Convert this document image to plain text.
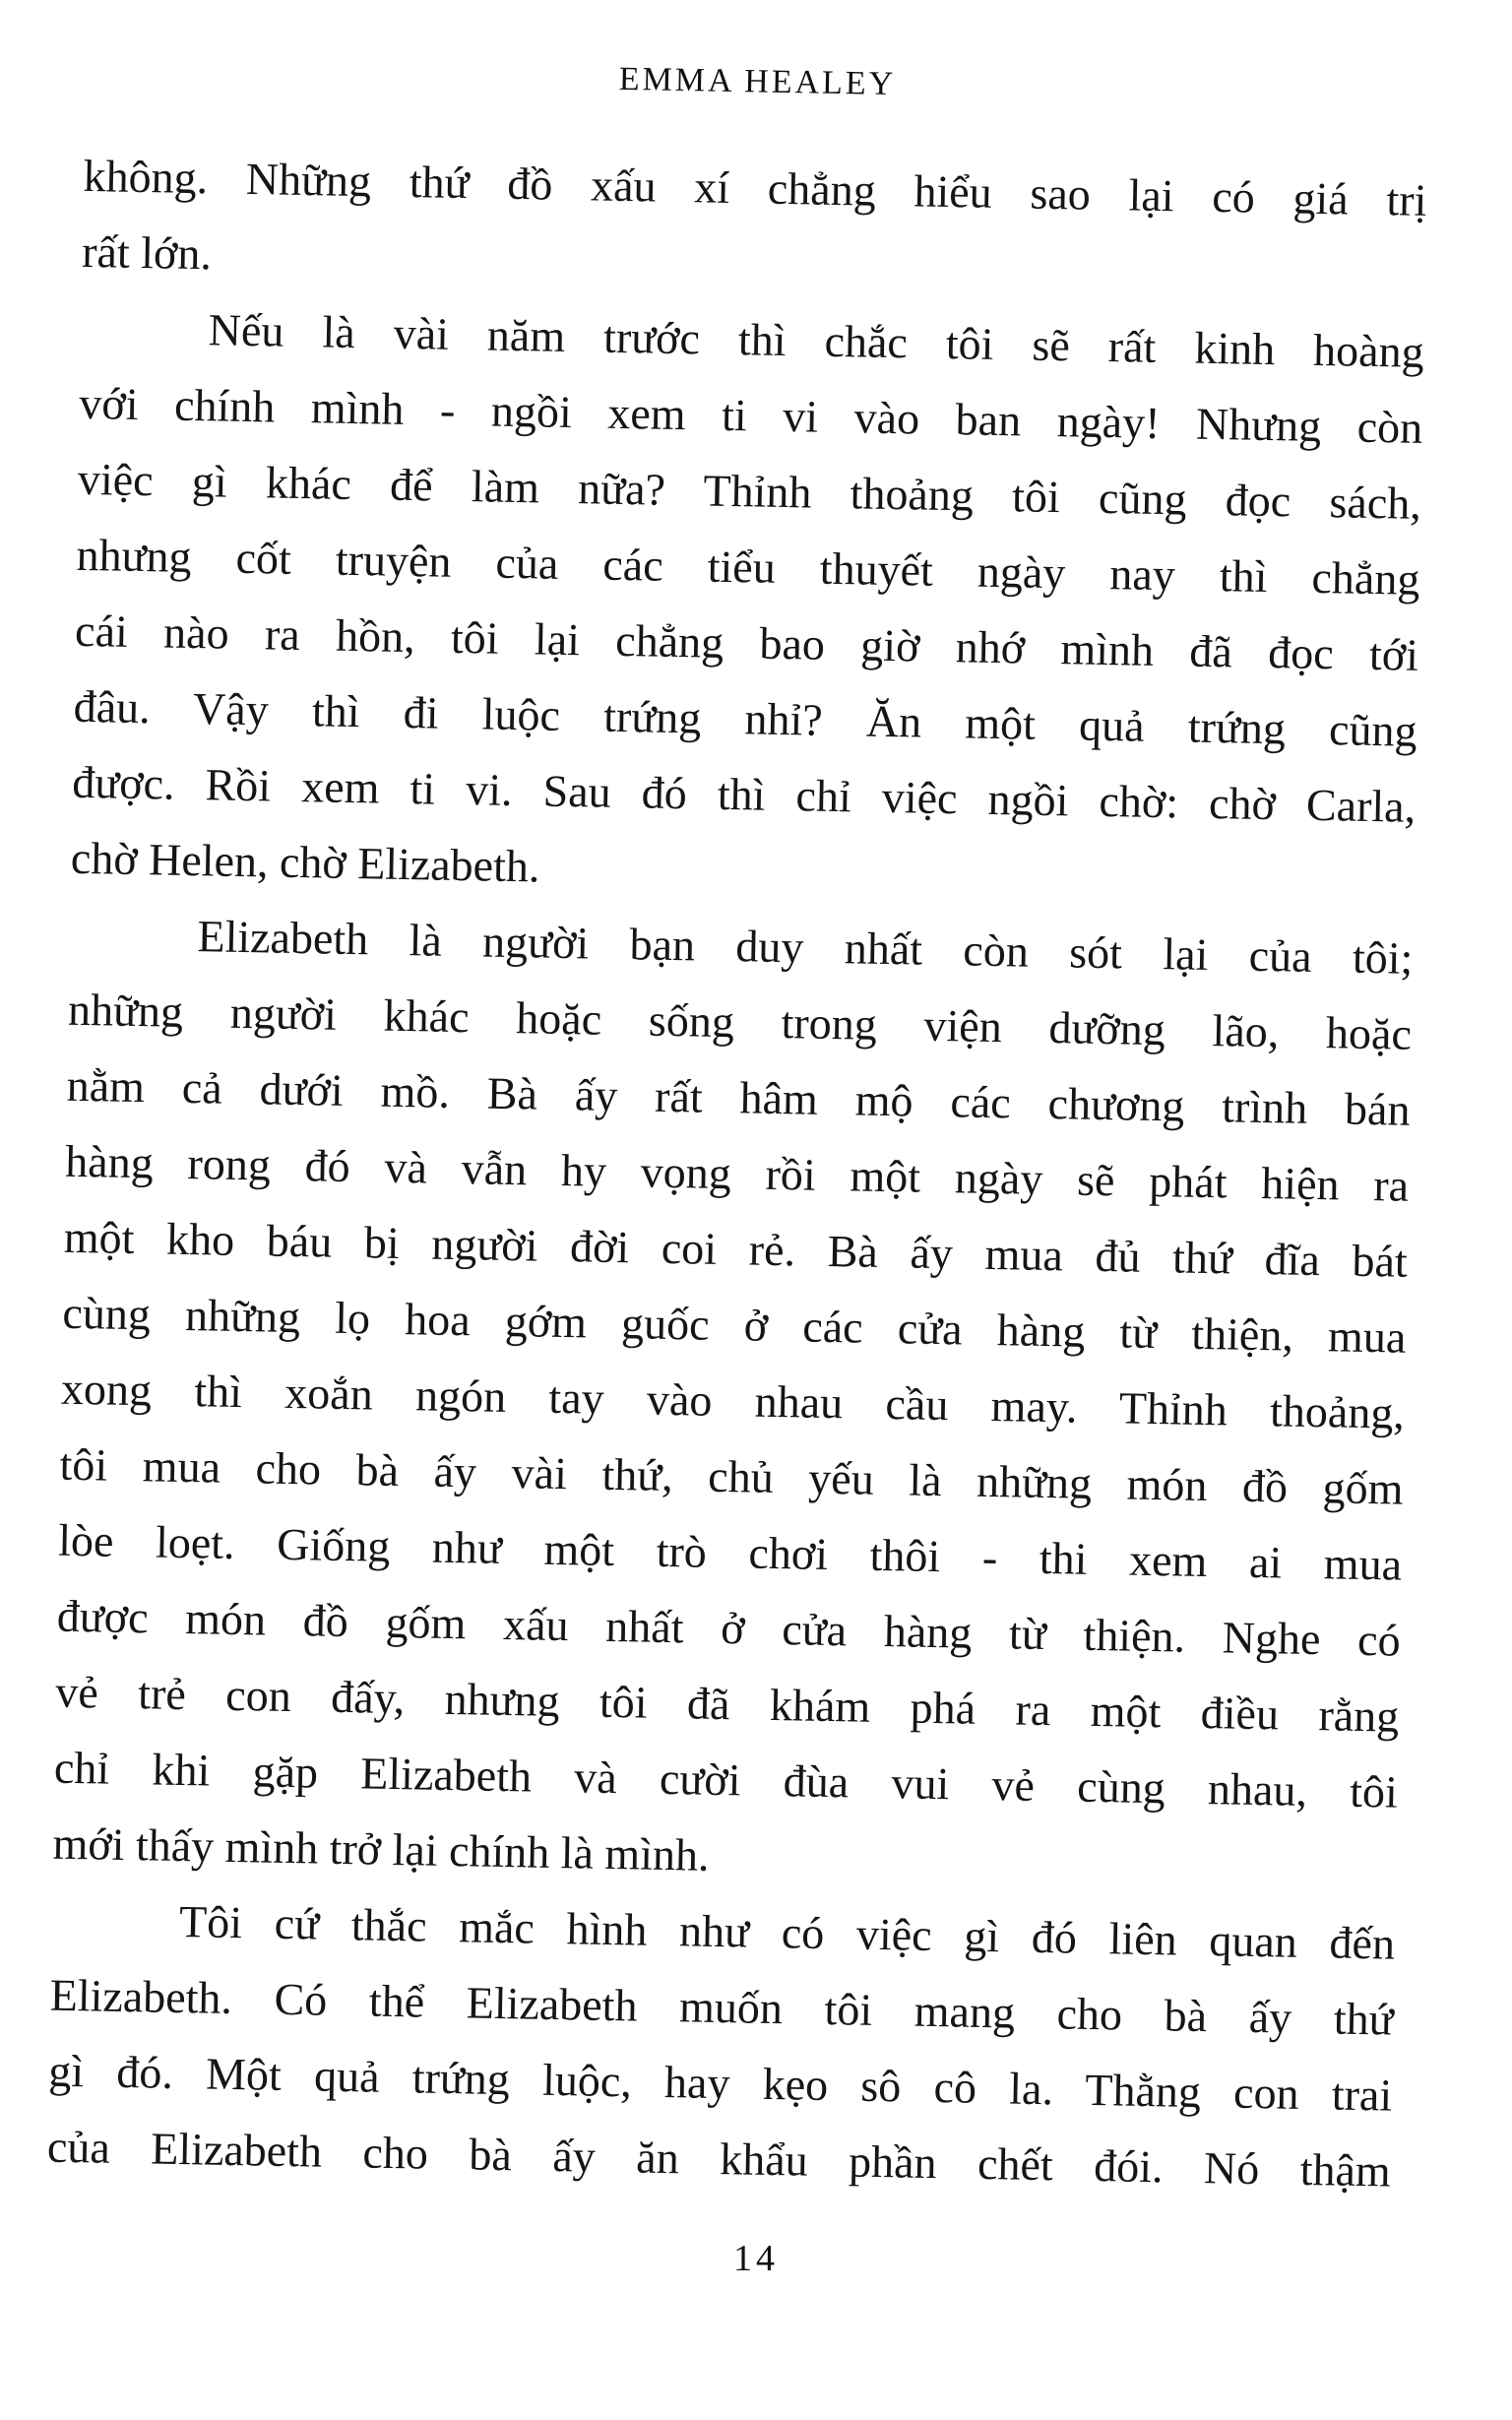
EMMA HEALEY
không. Những thứ đồ xấu xí chẳng hiểu sao lại có giá trị
rất lớn.
Nếu là vài năm trước thì chắc tôi sẽ rất kinh hoàng
với chính mình - ngồi xem ti vi vào ban ngày! Nhưng còn
việc gì khác để làm nữa? Thỉnh thoảng tôi cũng đọc sách,
nhưng cốt truyện của các tiểu thuyết ngày nay thì chẳng
cái nào ra hồn, tôi lại chẳng bao giờ nhớ mình đã đọc tới
đâu. Vậy thì đi luộc trứng nhỉ? Ăn một quả trứng cũng
được. Rồi xem ti vi. Sau đó thì chỉ việc ngồi chờ: chờ Carla,
chờ Helen, chờ Elizabeth.
Elizabeth là người bạn duy nhất còn sót lại của tôi;
những người khác hoặc sống trong viện dưỡng lão, hoặc
nằm cả dưới mồ. Bà ấy rất hâm mộ các chương trình bán
hàng rong đó và vẫn hy vọng rồi một ngày sẽ phát hiện ra
một kho báu bị người đời coi rẻ. Bà ấy mua đủ thứ đĩa bát
cùng những lọ hoa gớm guốc ở các cửa hàng từ thiện, mua
xong thì xoắn ngón tay vào nhau cầu may. Thỉnh thoảng,
tôi mua cho bà ấy vài thứ, chủ yếu là những món đồ gốm
lòe loẹt. Giống như một trò chơi thôi - thi xem ai mua
được món đồ gốm xấu nhất ở cửa hàng từ thiện. Nghe có
vẻ trẻ con đấy, nhưng tôi đã khám phá ra một điều rằng
chỉ khi gặp Elizabeth và cười đùa vui vẻ cùng nhau, tôi
mới thấy mình trở lại chính là mình.
Tôi cứ thắc mắc hình như có việc gì đó liên quan đến
Elizabeth. Có thể Elizabeth muốn tôi mang cho bà ấy thứ
gì đó. Một quả trứng luộc, hay kẹo sô cô la. Thằng con trai
của Elizabeth cho bà ấy ăn khẩu phần chết đói. Nó thậm
14
